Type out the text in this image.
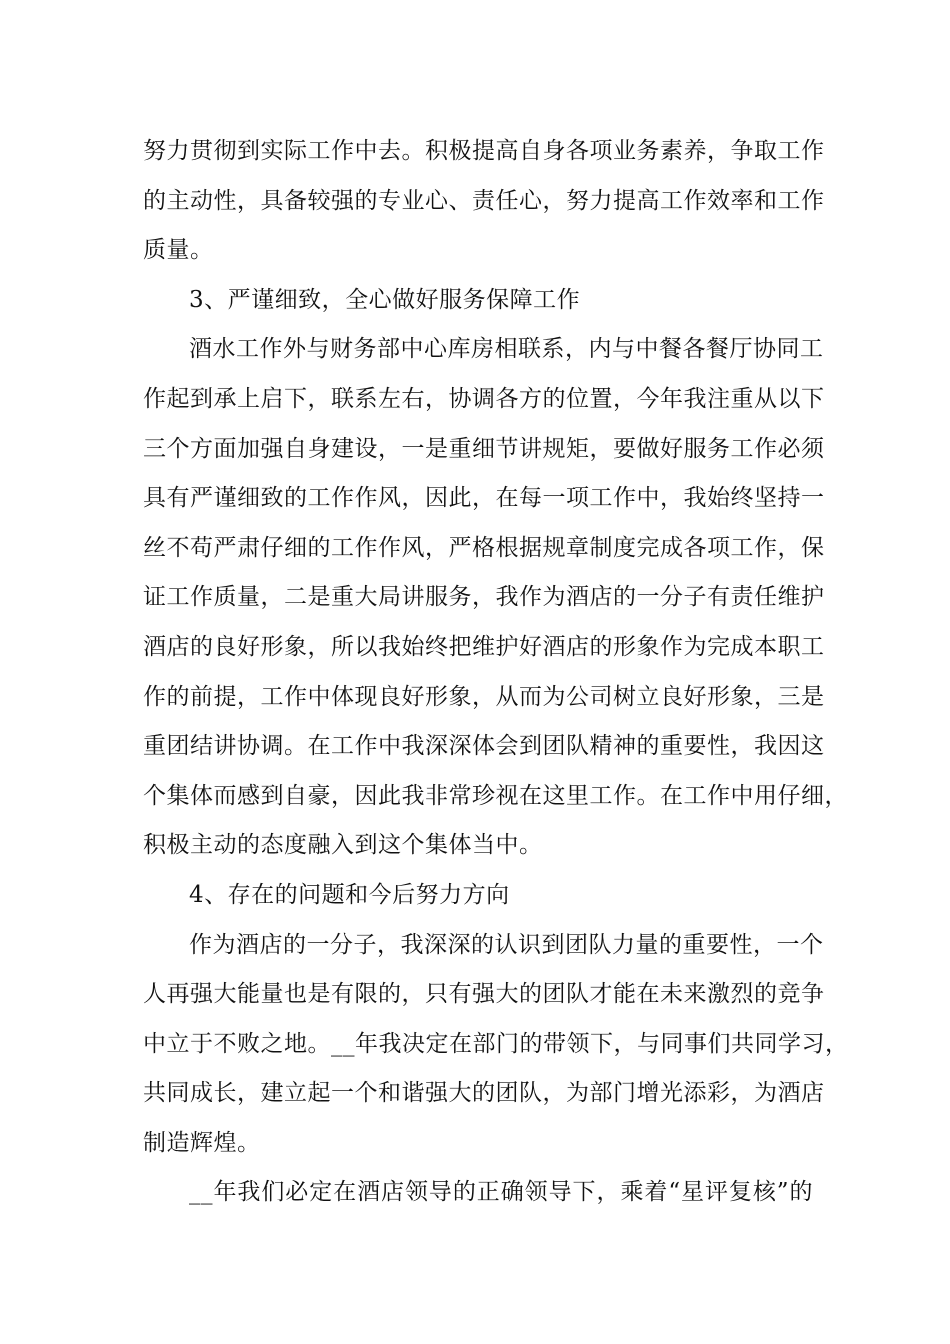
努力贯彻到实际工作中去。积极提高自身各项业务素养，争取工作
的主动性，具备较强的专业心、责任心，努力提高工作效率和工作
质量。

3、严谨细致，全心做好服务保障工作

酒水工作外与财务部中心库房相联系，内与中餐各餐厅协同工
作起到承上启下，联系左右，协调各方的位置，今年我注重从以下
三个方面加强自身建设，一是重细节讲规矩，要做好服务工作必须
具有严谨细致的工作作风，因此，在每一项工作中，我始终坚持一
丝不苟严肃仔细的工作作风，严格根据规章制度完成各项工作，保
证工作质量，二是重大局讲服务，我作为酒店的一分子有责任维护
酒店的良好形象，所以我始终把维护好酒店的形象作为完成本职工
作的前提，工作中体现良好形象，从而为公司树立良好形象，三是
重团结讲协调。在工作中我深深体会到团队精神的重要性，我因这
个集体而感到自豪，因此我非常珍视在这里工作。在工作中用仔细，
积极主动的态度融入到这个集体当中。

4、存在的问题和今后努力方向

作为酒店的一分子，我深深的认识到团队力量的重要性，一个
人再强大能量也是有限的，只有强大的团队才能在未来激烈的竞争
中立于不败之地。__年我决定在部门的带领下，与同事们共同学习，
共同成长，建立起一个和谐强大的团队，为部门增光添彩，为酒店
制造辉煌。

__年我们必定在酒店领导的正确领导下，乘着“星评复核”的
